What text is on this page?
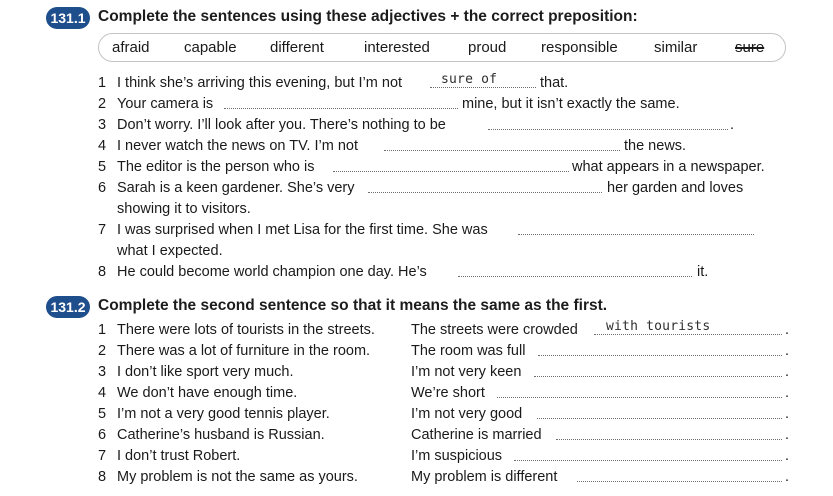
131.1 Complete the sentences using these adjectives + the correct preposition:
afraid capable different	interested	proud responsible similar	sure
1 I think she’s arriving this evening, but I’m not	sure of	that.
2 Your camera is	mine, but it isn’t exactly the same.
3 Don’t worry. I’ll look after you. There’s nothing to be	.
4 I never watch the news on TV. I’m not	the news.
5 The editor is the person who is	what appears in a newspaper.
6 Sarah is a keen gardener. She’s very	her garden and loves
showing it to visitors.
7 I was surprised when I met Lisa for the first time. She was
what I expected.
8 He could become world champion one day. He’s	it.
131.2 Complete the second sentence so that it means the same as the first.
1 There were lots of tourists in the streets. The streets were crowded with tourists	.
2 There was a lot of furniture in the room.	The room was full	.
3 I don’t like sport very much.	I’m not very keen	.
4 We don’t have enough time.	We’re short	.
5 I’m not a very good tennis player.	I’m not very good	.
6 Catherine’s husband is Russian.	Catherine is married	.
7 I don’t trust Robert.	I’m suspicious	.
8 My problem is not the same as yours.	My problem is different	.
